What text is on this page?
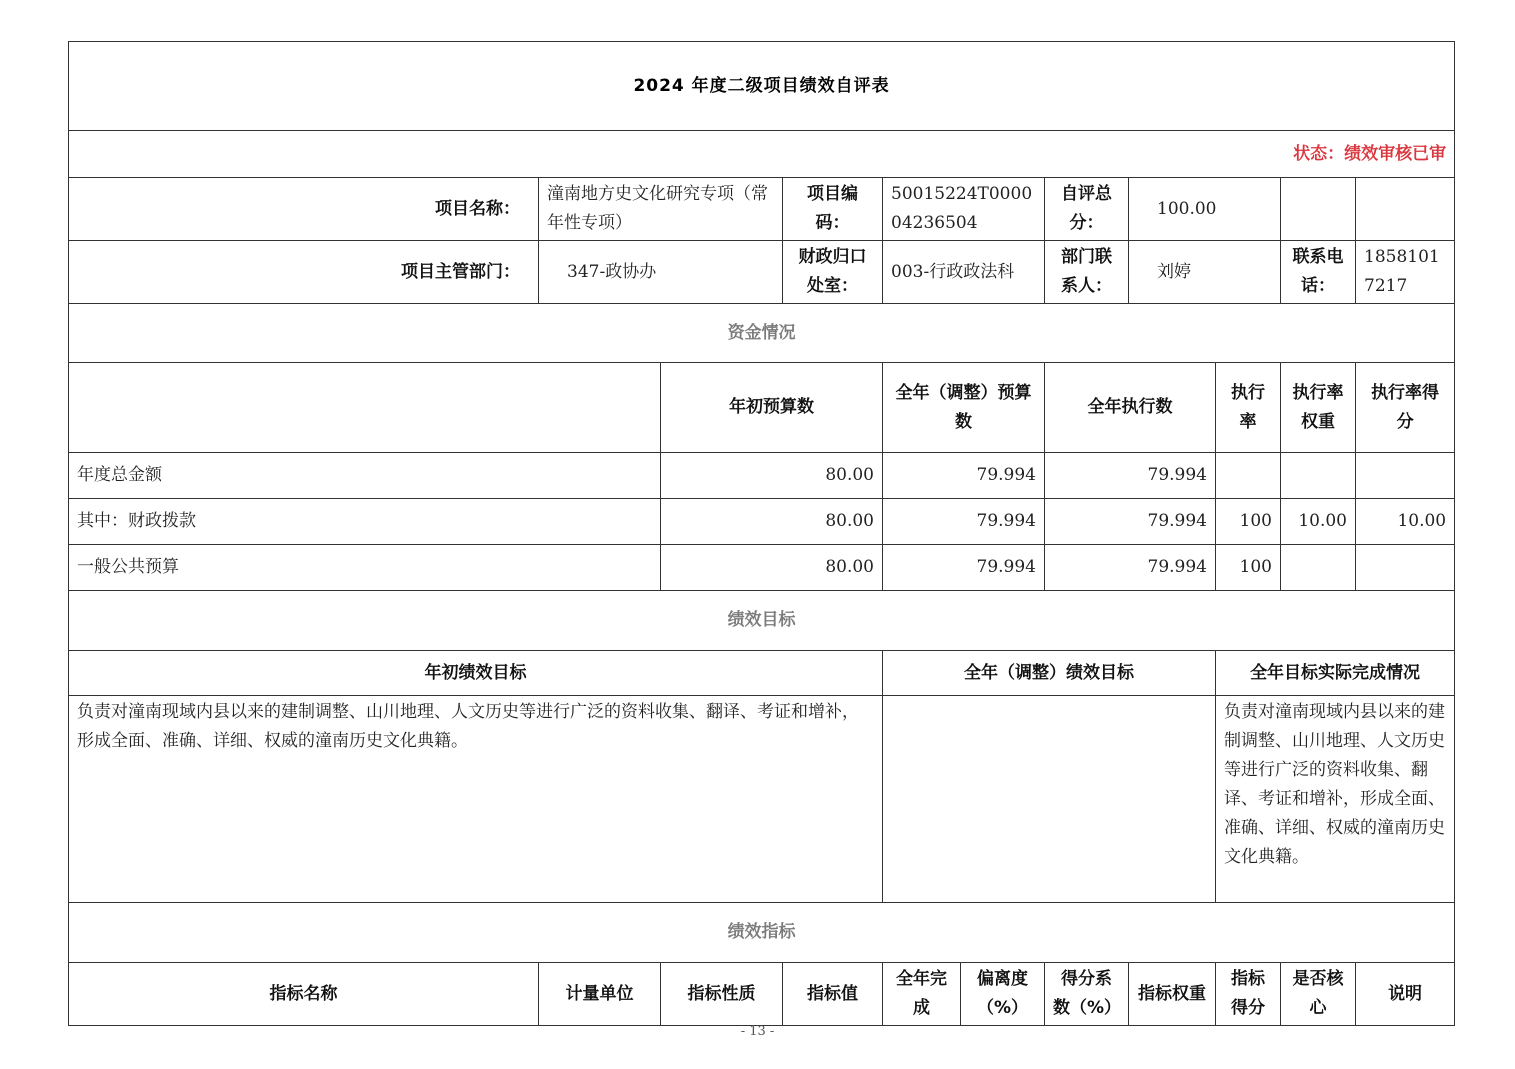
2024 年度二级项目绩效自评表										
状态：绩效审核已审										
项目名称：	潼南地方史文化研究专项（常年性专项）		项目编码：	50015224T000004236504		自评总分：	100.00			
项目主管部门：	347-政协办		财政归口处室：	003-行政政法科		部门联系人：	刘婷		联系电话：	18581017217
资金情况										
		年初预算数		全年（调整）预算数		全年执行数		执行率	执行率权重	执行率得分
年度总金额		80.00		79.994		79.994				
其中：财政拨款		80.00		79.994		79.994		100	10.00	10.00
一般公共预算		80.00		79.994		79.994		100		
绩效目标										
年初绩效目标				全年（调整）绩效目标				全年目标实际完成情况		
负责对潼南现域内县以来的建制调整、山川地理、人文历史等进行广泛的资料收集、翻译、考证和增补，形成全面、准确、详细、权威的潼南历史文化典籍。								负责对潼南现域内县以来的建制调整、山川地理、人文历史等进行广泛的资料收集、翻译、考证和增补，形成全面、准确、详细、权威的潼南历史文化典籍。		
绩效指标										
指标名称	计量单位	指标性质	指标值	全年完成	偏离度（%）	得分系数（%）	指标权重	指标得分	是否核心	说明
- 13 -
